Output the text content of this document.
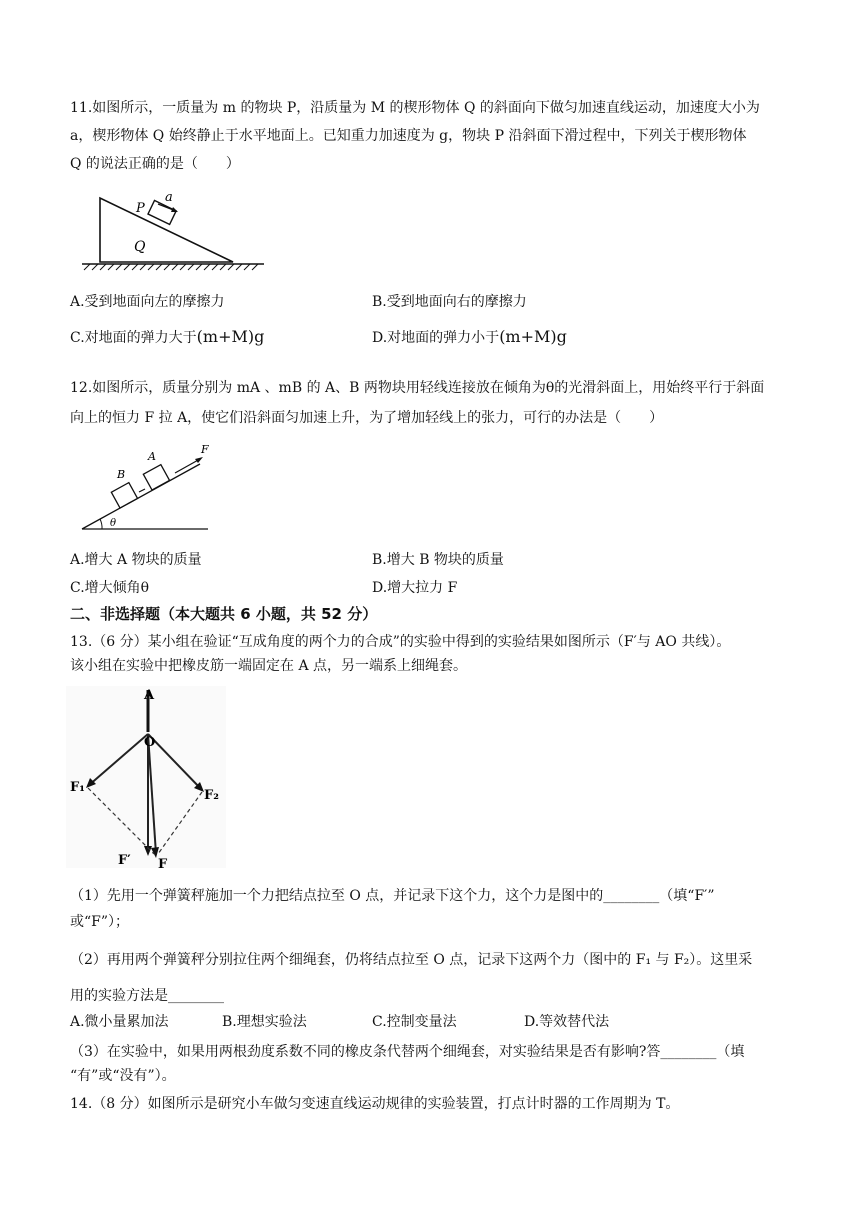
11.如图所示，一质量为 m 的物块 P，沿质量为 M 的楔形物体 Q 的斜面向下做匀加速直线运动，加速度大小为
a，楔形物体 Q 始终静止于水平地面上。已知重力加速度为 g，物块 P 沿斜面下滑过程中，下列关于楔形物体
Q 的说法正确的是（　　）
P
a
Q
A.受到地面向左的摩擦力	B.受到地面向右的摩擦力
C.对地面的弹力大于(m+M)g	D.对地面的弹力小于(m+M)g
12.如图所示，质量分别为 mA 、mB 的 A、B 两物块用轻线连接放在倾角为θ的光滑斜面上，用始终平行于斜面
向上的恒力 F 拉 A，使它们沿斜面匀加速上升，为了增加轻线上的张力，可行的办法是（　　）
B
A
F
θ
A.增大 A 物块的质量	B.增大 B 物块的质量
C.增大倾角θ	D.增大拉力 F
二、非选择题（本大题共 6 小题，共 52 分）
13.（6 分）某小组在验证“互成角度的两个力的合成”的实验中得到的实验结果如图所示（F′与 AO 共线）。
该小组在实验中把橡皮筋一端固定在 A 点，另一端系上细绳套。
A
O
F₁
F₂
F′ F
（1）先用一个弹簧秤施加一个力把结点拉至 O 点，并记录下这个力，这个力是图中的________（填“F′”
或“F”）；
（2）再用两个弹簧秤分别拉住两个细绳套，仍将结点拉至 O 点，记录下这两个力（图中的 F₁ 与 F₂）。这里采
用的实验方法是________
A.微小量累加法	B.理想实验法	C.控制变量法	D.等效替代法
（3）在实验中，如果用两根劲度系数不同的橡皮条代替两个细绳套，对实验结果是否有影响?答________（填
“有”或“没有”）。
14.（8 分）如图所示是研究小车做匀变速直线运动规律的实验装置，打点计时器的工作周期为 T。
